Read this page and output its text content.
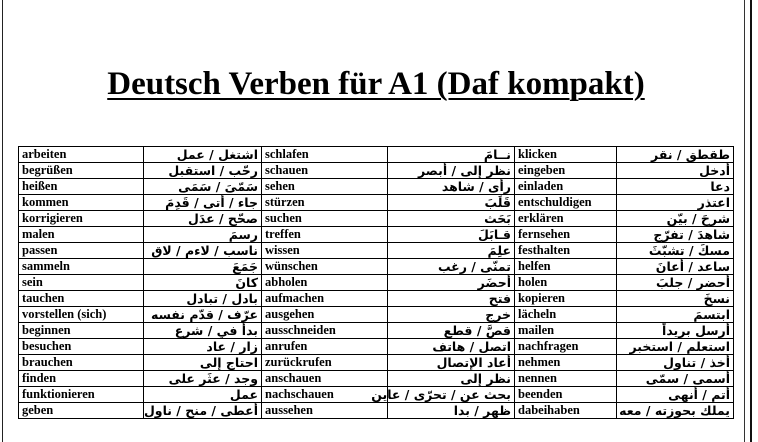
Deutsch Verben für A1 (Daf kompakt)
arbeiten	اشتغل / عمل	schlafen	نــامَ	klicken	طقطق / نقر
begrüßen	رحّب / استقبل	schauen	نظر إلى / أبصر	eingeben	أدخل
heißen	سَمّىَ / سَمَى	sehen	رأى / شاهد	einladen	دعا
kommen	جاء / أتى / قَدِمَ	stürzen	قَلَبَ	entschuldigen	اعتذر
korrigieren	صحّح / عدَل	suchen	بَحَث	erklären	شرحَ / بيّن
malen	رسمَ	treffen	قـابَلَ	fernsehen	شاهدَ / تفرّج
passen	ناسب / لاءم / لاق	wissen	علِمَ	festhalten	مسكَ / تشبّثَ
sammeln	جَمَعَ	wünschen	تمنّى / رغب	helfen	ساعد / أعانَ
sein	كانَ	abholen	أحضَر	holen	أحضر / جلبَ
tauchen	بادل / تبادل	aufmachen	فتح	kopieren	نسخَ
vorstellen (sich)	عرّف / قدّم نفسه	ausgehen	خرج	lächeln	ابتسمَ
beginnen	بدأ في / شرع	ausschneiden	قصَّ / قطع	mailen	أرسل بريداً
besuchen	زار / عاد	anrufen	اتصل / هاتف	nachfragen	استعلم / استخبر
brauchen	احتاج إلى	zurückrufen	أعاد الإتصال	nehmen	أخذ / تناول
finden	وجد / عثَر على	anschauen	نظر إلى	nennen	أسمى / سمّى
funktionieren	عمل	nachschauen	بحث عن / تحرّى / عاين	beenden	أتم / أنهى
geben	أعطى / منح / ناول	aussehen	ظهر / بدا	dabeihaben	يملك بحوزته / معه
